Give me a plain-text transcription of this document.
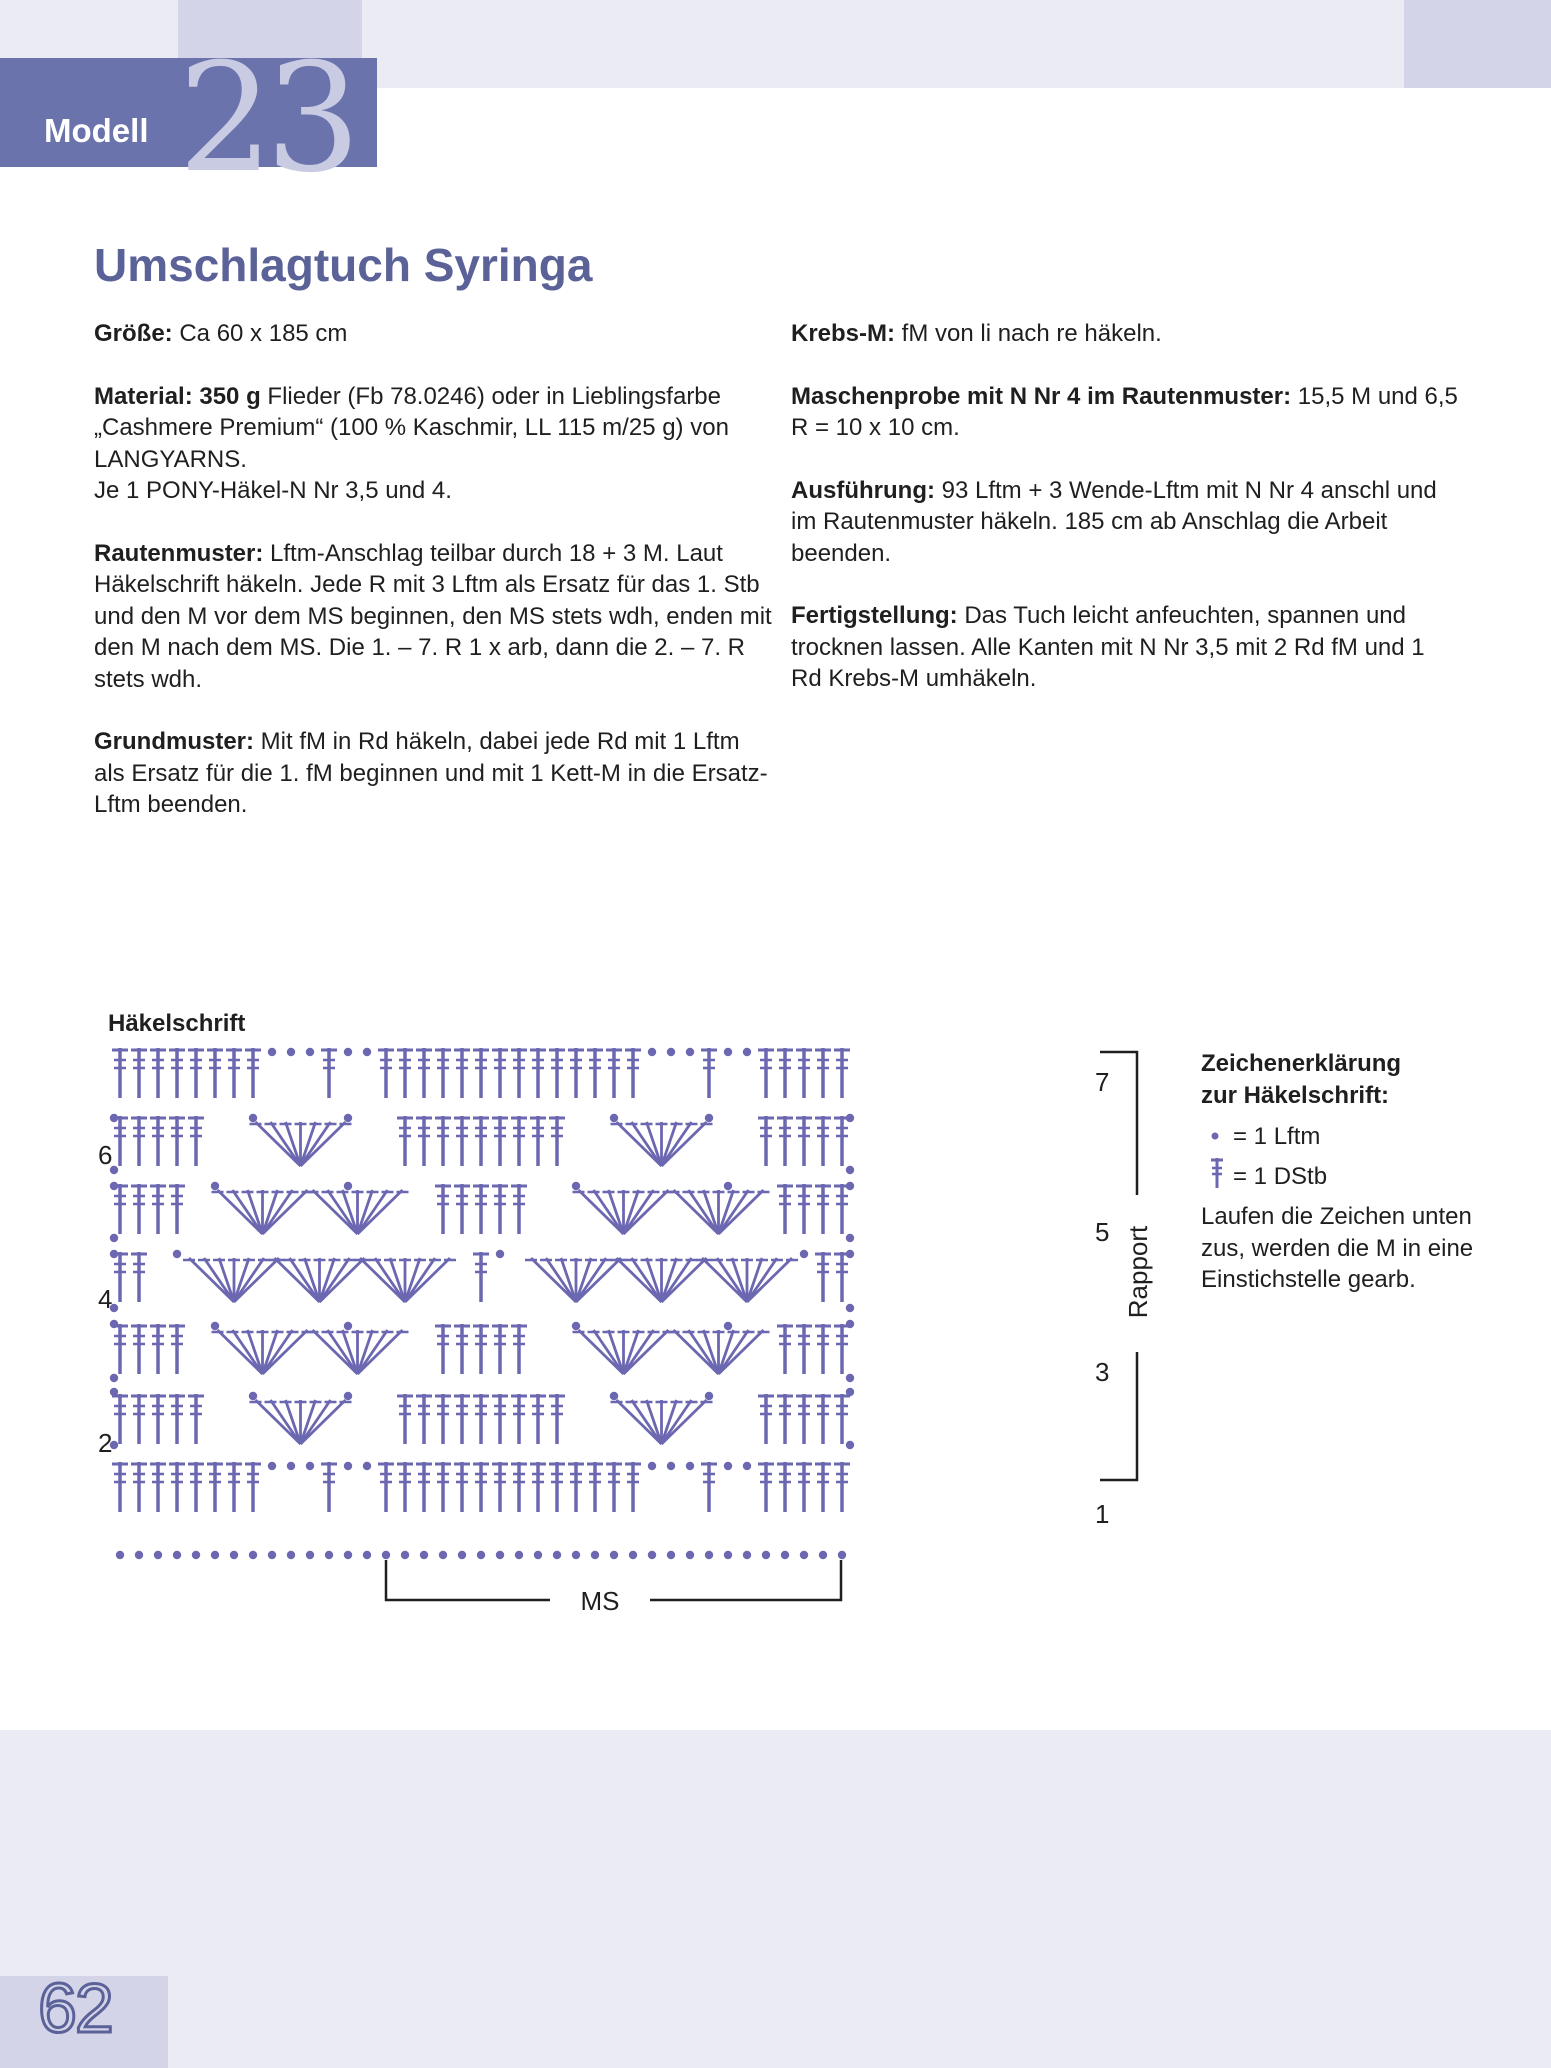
23
Modell
Umschlagtuch Syringa

Größe: Ca 60 x 185 cm

Material: 350 g Flieder (Fb 78.0246) oder in Lieblingsfarbe „Cashmere Premium“ (100 % Kaschmir, LL 115 m/25 g) von LANGYARNS.
Je 1 PONY-Häkel-N Nr 3,5 und 4.

Rautenmuster: Lftm-Anschlag teilbar durch 18 + 3 M. Laut Häkelschrift häkeln. Jede R mit 3 Lftm als Ersatz für das 1. Stb und den M vor dem MS beginnen, den MS stets wdh, enden mit den M nach dem MS. Die 1. – 7. R 1 x arb, dann die 2. – 7. R stets wdh.

Grundmuster: Mit fM in Rd häkeln, dabei jede Rd mit 1 Lftm als Ersatz für die 1. fM beginnen und mit 1 Kett-M in die Ersatz-Lftm beenden.

Krebs-M: fM von li nach re häkeln.

Maschenprobe mit N Nr 4 im Rautenmuster: 15,5 M und 6,5 R = 10 x 10 cm.

Ausführung: 93 Lftm + 3 Wende-Lftm mit N Nr 4 anschl und im Rautenmuster häkeln. 185 cm ab Anschlag die Arbeit beenden.

Fertigstellung: Das Tuch leicht anfeuchten, spannen und trocknen lassen. Alle Kanten mit N Nr 3,5 mit 2 Rd fM und 1 Rd Krebs-M umhäkeln.

Häkelschrift
7
5
3
1
6
4
2
Rapport
MS
Zeichenerklärung
zur Häkelschrift:
= 1 Lftm
= 1 DStb
Laufen die Zeichen unten zus, werden die M in eine Einstichstelle gearb.
62
